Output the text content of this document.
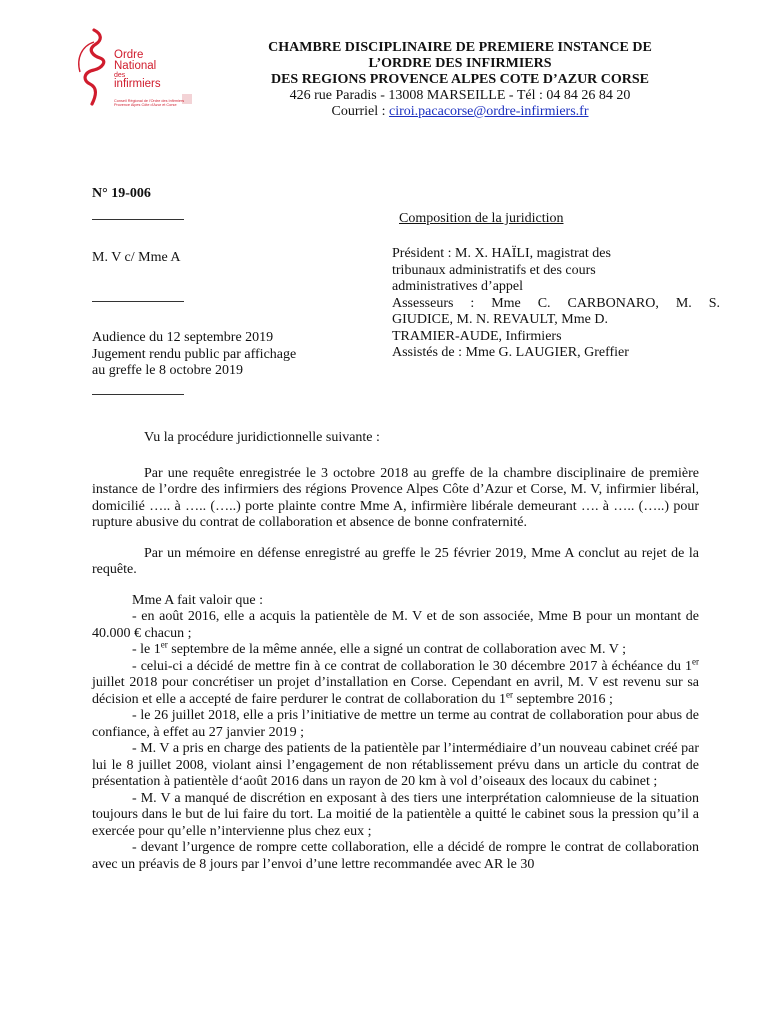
Ordre
National
des
infirmiers
Conseil Régional de l'Ordre des Infirmiers
Provence Alpes Côte d'Azur et Corse
CHAMBRE DISCIPLINAIRE DE PREMIERE INSTANCE DE
L’ORDRE DES INFIRMIERS
DES REGIONS PROVENCE ALPES COTE D’AZUR CORSE
426 rue Paradis - 13008 MARSEILLE - Tél : 04 84 26 84 20
Courriel : ciroi.pacacorse@ordre-infirmiers.fr
N° 19-006
M. V c/ Mme A
Audience du 12 septembre 2019
Jugement rendu public par affichage
au greffe le 8 octobre 2019
Composition de la juridiction
Président : M. X. HAÏLI, magistrat des
tribunaux administratifs et des cours
administratives d’appel
Assesseurs : Mme C. CARBONARO, M. S.
GIUDICE, M. N. REVAULT, Mme D.
TRAMIER-AUDE, Infirmiers
Assistés de : Mme G. LAUGIER, Greffier

Vu la procédure juridictionnelle suivante :

Par une requête enregistrée le 3 octobre 2018 au greffe de la chambre disciplinaire de première instance de l’ordre des infirmiers des régions Provence Alpes Côte d’Azur et Corse, M. V, infirmier libéral, domicilié ….. à ….. (…..) porte plainte contre Mme A, infirmière libérale demeurant …. à ….. (…..) pour rupture abusive du contrat de collaboration et absence de bonne confraternité.

Par un mémoire en défense enregistré au greffe le 25 février 2019, Mme A conclut au rejet de la requête.

Mme A fait valoir que :

- en août 2016, elle a acquis la patientèle de M. V et de son associée, Mme B pour un montant de 40.000 € chacun ;

- le 1er septembre de la même année, elle a signé un contrat de collaboration avec M. V ;

- celui-ci a décidé de mettre fin à ce contrat de collaboration le 30 décembre 2017 à échéance du 1er juillet 2018 pour concrétiser un projet d’installation en Corse. Cependant en avril, M. V est revenu sur sa décision et elle a accepté de faire perdurer le contrat de collaboration du 1er septembre 2016 ;

- le 26 juillet 2018, elle a pris l’initiative de mettre un terme au contrat de collaboration pour abus de confiance, à effet au 27 janvier 2019 ;

- M. V a pris en charge des patients de la patientèle par l’intermédiaire d’un nouveau cabinet créé par lui le 8 juillet 2008, violant ainsi l’engagement de non rétablissement prévu dans un article du contrat de présentation à patientèle d‘août 2016 dans un rayon de 20 km à vol d’oiseaux des locaux du cabinet ;

- M. V a manqué de discrétion en exposant à des tiers une interprétation calomnieuse de la situation toujours dans le but de lui faire du tort. La moitié de la patientèle a quitté le cabinet sous la pression qu’il a exercée pour qu’elle n’intervienne plus chez eux ;

- devant l’urgence de rompre cette collaboration, elle a décidé de rompre le contrat de collaboration avec un préavis de 8 jours par l’envoi d’une lettre recommandée avec AR le 30
